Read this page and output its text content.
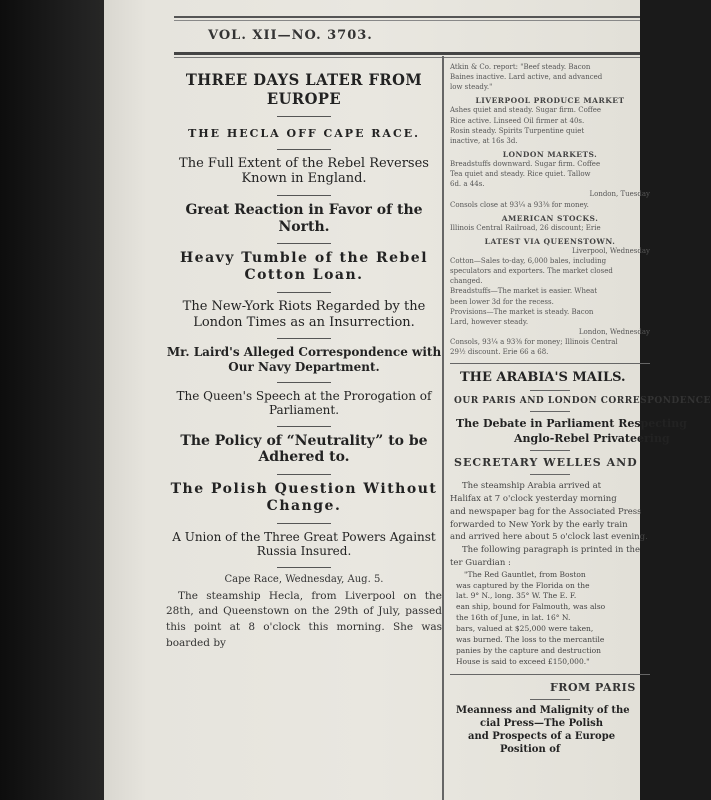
VOL. XII—NO. 3703.
THREE DAYS LATER FROM EUROPE
THE HECLA OFF CAPE RACE.
The Full Extent of the Rebel Reverses Known in England.
Great Reaction in Favor of the North.
Heavy Tumble of the Rebel Cotton Loan.
The New-York Riots Regarded by the London Times as an Insurrection.
Mr. Laird's Alleged Correspondence with Our Navy Department.
The Queen's Speech at the Prorogation of Parliament.
The Policy of “Neutrality” to be Adhered to.
The Polish Question Without Change.
A Union of the Three Great Powers Against Russia Insured.
Cape Race, Wednesday, Aug. 5.

The steamship Hecla, from Liverpool on the 28th, and Queenstown on the 29th of July, passed this point at 8 o'clock this morning. She was boarded by

Atkin & Co. report: "Beef steady. Bacon
Baines inactive. Lard active, and advanced
low steady."
LIVERPOOL PRODUCE MARKET
Ashes quiet and steady. Sugar firm. Coffee
Rice active. Linseed Oil firmer at 40s.
Rosin steady. Spirits Turpentine quiet
inactive, at 16s 3d.
LONDON MARKETS.
Breadstuffs downward. Sugar firm. Coffee
Tea quiet and steady. Rice quiet. Tallow
6d. a 44s.
London, Tuesday
Consols close at 93¼ a 93⅜ for money.
AMERICAN STOCKS.
Illinois Central Railroad, 26 discount; Erie
LATEST VIA QUEENSTOWN.
Liverpool, Wednesday
Cotton—Sales to-day, 6,000 bales, including
speculators and exporters. The market closed
changed.
Breadstuffs—The market is easier. Wheat
been lower 3d for the recess.
Provisions—The market is steady. Bacon
Lard, however steady.
London, Wednesday
Consols, 93¼ a 93⅜ for money; Illinois Central
29½ discount. Erie 66 a 68.
THE ARABIA'S MAILS.
OUR PARIS AND LONDON CORRESPONDENCE
The Debate in Parliament Respecting
Anglo-Rebel Privateering
SECRETARY WELLES AND
The steamship Arabia arrived at
Halifax at 7 o'clock yesterday morning
and newspaper bag for the Associated Press
forwarded to New York by the early train
and arrived here about 5 o'clock last evening.
The following paragraph is printed in the
ter Guardian :
"The Red Gauntlet, from Boston
was captured by the Florida on the
lat. 9° N., long. 35° W. The E. F.
ean ship, bound for Falmouth, was also
the 16th of June, in lat. 16° N.
bars, valued at $25,000 were taken,
was burned. The loss to the mercantile
panies by the capture and destruction
House is said to exceed £150,000."
FROM PARIS
Meanness and Malignity of the
cial Press—The Polish
and Prospects of a Europe
Position of
